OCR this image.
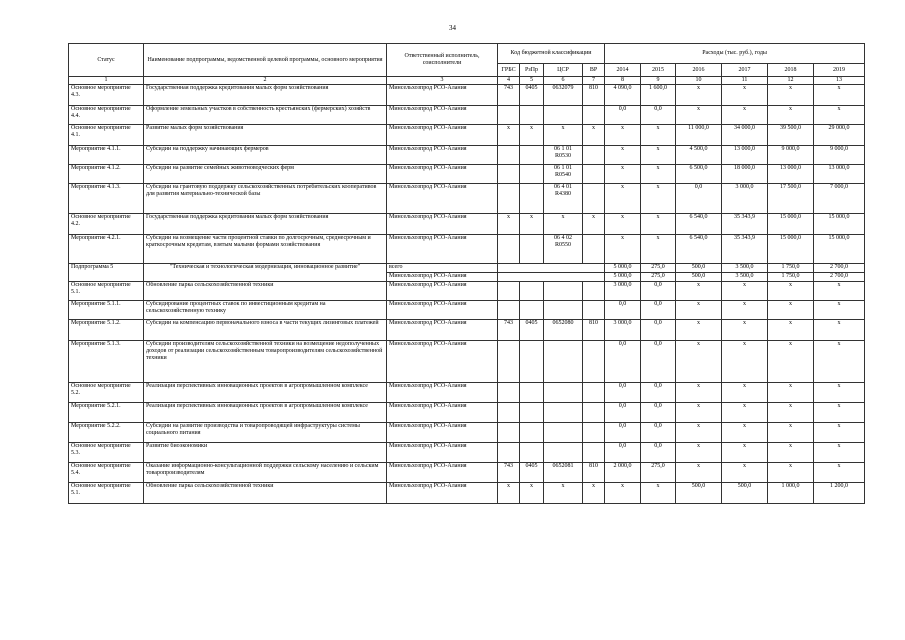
34
Статус	Наименование подпрограммы, ведомственной целевой программы, основного мероприятия	Ответственный исполнитель, соисполнители	Код бюджетной классификации				Расходы (тыс. руб.), годы					
			ГРБС	РзПр	ЦСР	ВР	2014	2015	2016	2017	2018	2019
1	2	3	4	5	6	7	8	9	10	11	12	13
Основное мероприятие 4.3.	Государственная поддержка кредитования малых форм хозяйствования	Минсельхозпрод РСО-Алания	743	0405	0632079	810	4 090,0	1 600,0	х	х	х	х
Основное мероприятие 4.4.	Оформление земельных участков в собственность крестьянских (фермерских) хозяйств	Минсельхозпрод РСО-Алания					0,0	0,0	х	х	х	х
Основное мероприятие 4.1.	Развитие малых форм хозяйствования	Минсельхозпрод РСО-Алания	х	х	х	х	х	х	11 000,0	34 000,0	39 500,0	29 000,0
Мероприятие 4.1.1.	Субсидии на поддержку начинающих фермеров	Минсельхозпрод РСО-Алания			06 1 01 R0530		х	х	4 500,0	13 000,0	9 000,0	9 000,0
Мероприятие 4.1.2.	Субсидии на развитие семейных животноводческих ферм	Минсельхозпрод РСО-Алания			06 1 01 R0540		х	х	6 500,0	18 000,0	13 000,0	13 000,0
Мероприятие 4.1.3.	Субсидии на грантовую поддержку сельскохозяйственных потребительских кооперативов для развития материально-технической базы	Минсельхозпрод РСО-Алания			06 4 01 R4380		х	х	0,0	3 000,0	17 500,0	7 000,0
Основное мероприятие 4.2.	Государственная поддержка кредитования малых форм хозяйствования	Минсельхозпрод РСО-Алания	х	х	х	х	х	х	6 540,0	35 343,9	15 000,0	15 000,0
Мероприятие 4.2.1.	Субсидии на возмещение части процентной ставки по долгосрочным, среднесрочным и краткосрочным кредитам, взятым малыми формами хозяйствования	Минсельхозпрод РСО-Алания			06 4 02 R0550		х	х	6 540,0	35 343,9	15 000,0	15 000,0
Подпрограмма 5	"Техническая и технологическая модернизация, инновационное развитие"	всего					5 000,0	275,0	500,0	3 500,0	1 750,0	2 700,0
		Минсельхозпрод РСО-Алания					5 000,0	275,0	500,0	3 500,0	1 750,0	2 700,0
Основное мероприятие 5.1.	Обновление парка сельскохозяйственной техники	Минсельхозпрод РСО-Алания					3 000,0	0,0	х	х	х	х
Мероприятие 5.1.1.	Субсидирование процентных ставок по инвестиционным кредитам на сельскохозяйственную технику	Минсельхозпрод РСО-Алания					0,0	0,0	х	х	х	х
Мероприятие 5.1.2.	Субсидии на компенсацию первоначального взноса в части текущих лизинговых платежей	Минсельхозпрод РСО-Алания	743	0405	0652080	810	3 000,0	0,0	х	х	х	х
Мероприятие 5.1.3.	Субсидии производителям сельскохозяйственной техники на возмещение недополученных доходов от реализации сельскохозяйственным товаропроизводителям сельскохозяйственной техники	Минсельхозпрод РСО-Алания					0,0	0,0	х	х	х	х
Основное мероприятие 5.2.	Реализация перспективных инновационных проектов в агропромышленном комплексе	Минсельхозпрод РСО-Алания					0,0	0,0	х	х	х	х
Мероприятие 5.2.1.	Реализация перспективных инновационных проектов в агропромышленном комплексе	Минсельхозпрод РСО-Алания					0,0	0,0	х	х	х	х
Мероприятие 5.2.2.	Субсидии на развитие производства и товаропроводящей инфраструктуры системы социального питания	Минсельхозпрод РСО-Алания					0,0	0,0	х	х	х	х
Основное мероприятие 5.3.	Развитие биоэкономики	Минсельхозпрод РСО-Алания					0,0	0,0	х	х	х	х
Основное мероприятие 5.4.	Оказание информационно-консультационной поддержки сельскому населению и сельским товаропроизводителям	Минсельхозпрод РСО-Алания	743	0405	0652081	810	2 000,0	275,0	х	х	х	х
Основное мероприятие 5.1.	Обновление парка сельскохозяйственной техники	Минсельхозпрод РСО-Алания	х	х	х	х	х	х	500,0	500,0	1 000,0	1 200,0
